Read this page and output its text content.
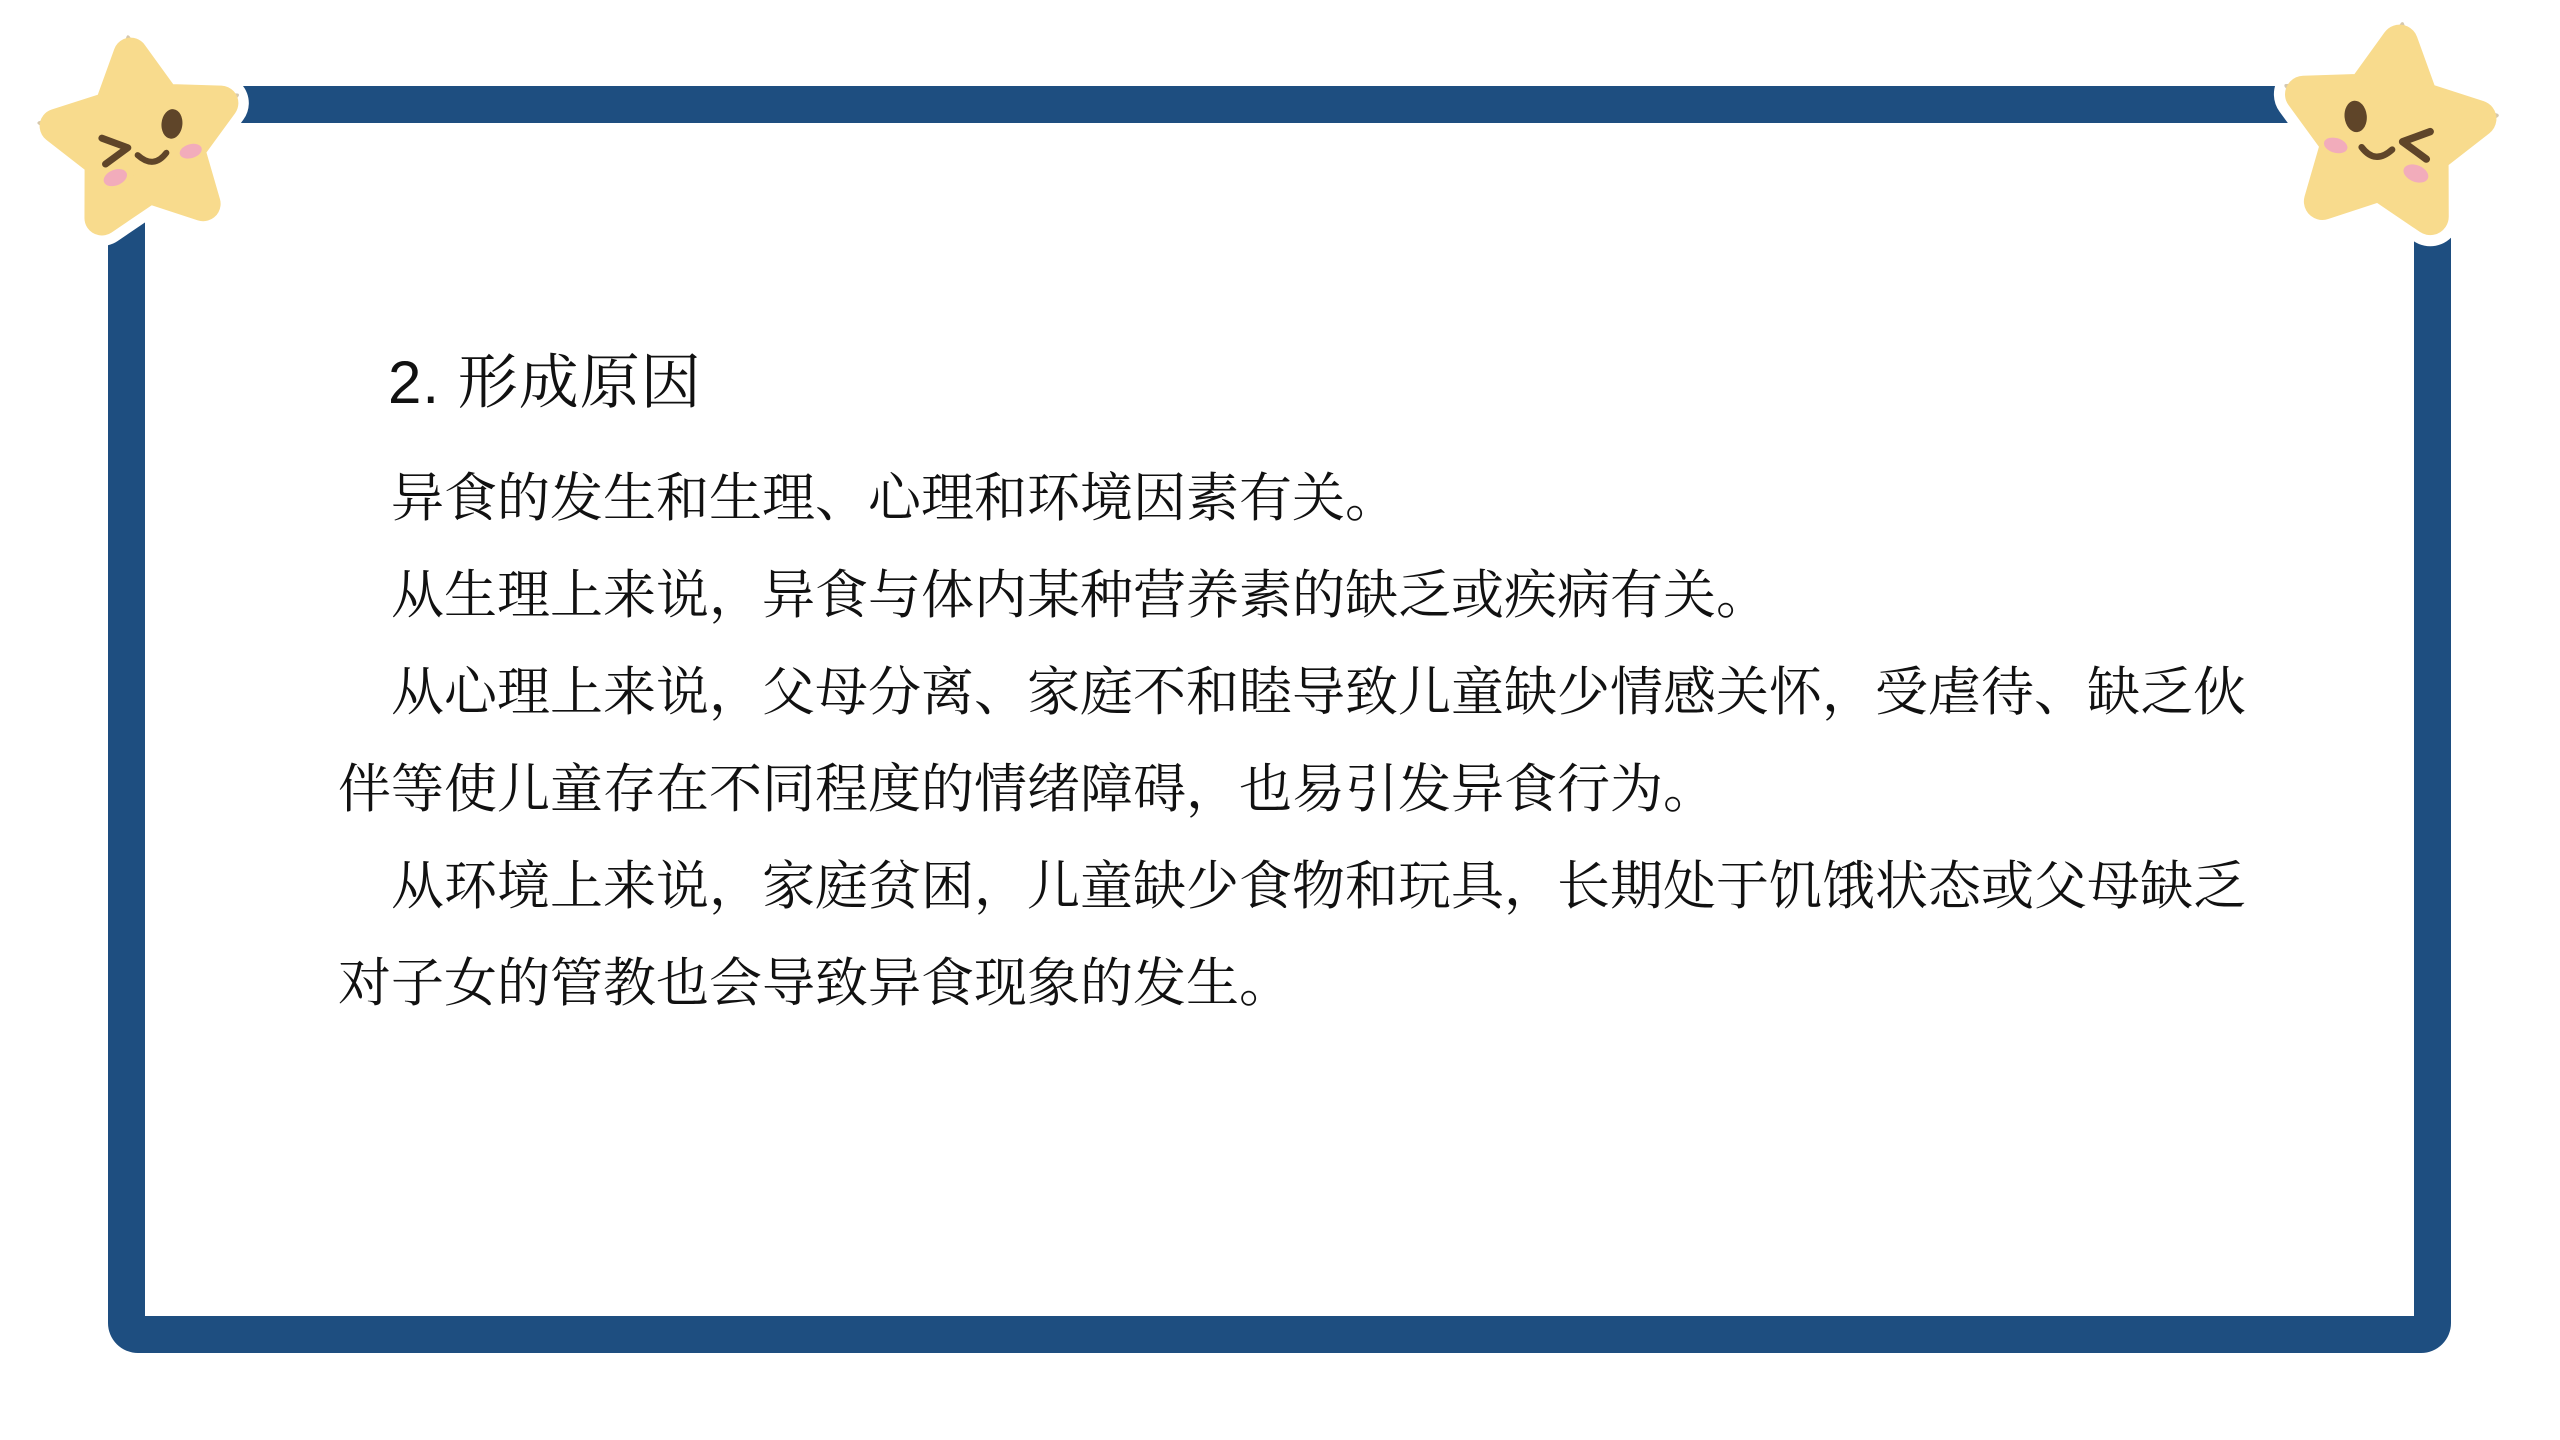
2. 形成原因

异食的发生和生理、心理和环境因素有关。

从生理上来说，异食与体内某种营养素的缺乏或疾病有关。

从心理上来说，父母分离、家庭不和睦导致儿童缺少情感关怀，受虐待、缺乏伙伴等使儿童存在不同程度的情绪障碍，也易引发异食行为。

从环境上来说，家庭贫困，儿童缺少食物和玩具，长期处于饥饿状态或父母缺乏对子女的管教也会导致异食现象的发生。
